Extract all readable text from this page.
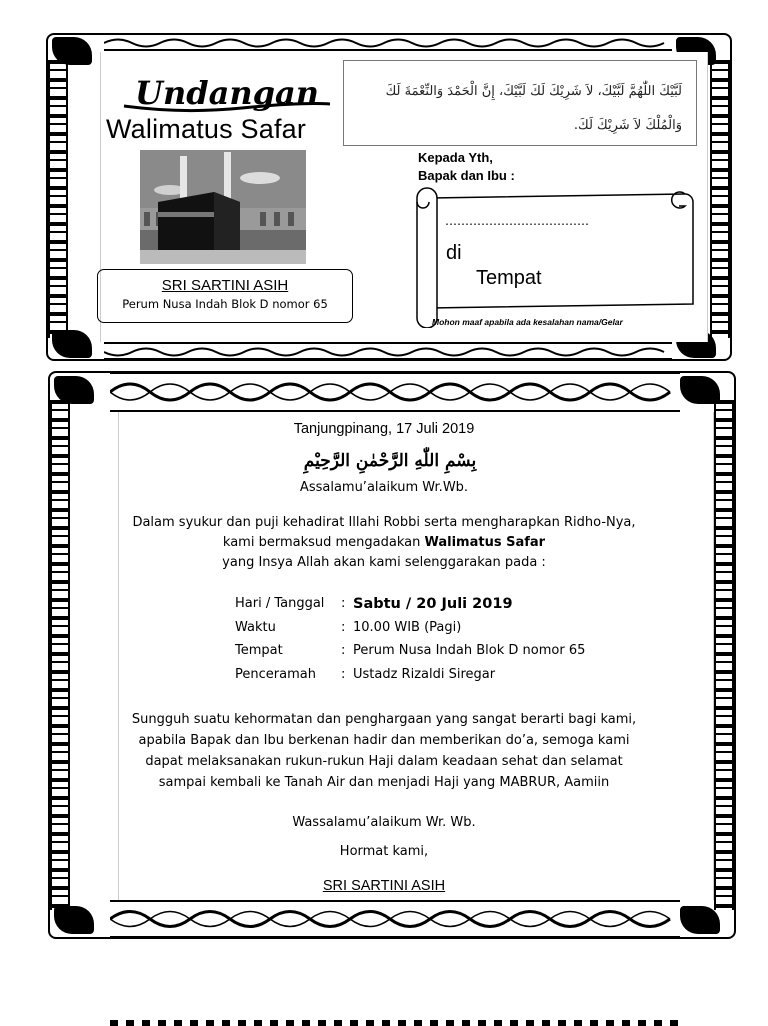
Undangan
Walimatus Safar
SRI SARTINI ASIH
Perum Nusa Indah Blok D nomor 65
لَبَّيْكَ اللّٰهُمَّ لَبَّيْكَ، لاَ شَرِيْكَ لَكَ لَبَّيْكَ، إِنَّ الْحَمْدَ وَالنِّعْمَةَ لَكَ وَالْمُلْكَ لاَ شَرِيْكَ لَكَ.
Kepada Yth,
Bapak dan Ibu :
………………………………
di
Tempat
Mohon maaf apabila ada kesalahan nama/Gelar
Tanjungpinang, 17 Juli 2019
بِسْمِ اللّٰهِ الرَّحْمٰنِ الرَّحِيْمِ
Assalamu’alaikum Wr.Wb.
Dalam syukur dan puji kehadirat Illahi Robbi serta mengharapkan Ridho-Nya,
kami bermaksud mengadakan Walimatus Safar
yang Insya Allah akan kami selenggarakan pada :
Hari / Tanggal	: Sabtu / 20 Juli 2019
Waktu	: 10.00 WIB (Pagi)
Tempat	: Perum Nusa Indah Blok D nomor 65
Penceramah	: Ustadz Rizaldi Siregar
Sungguh suatu kehormatan dan penghargaan yang sangat berarti bagi kami,
apabila Bapak dan Ibu berkenan hadir dan memberikan do’a, semoga kami
dapat melaksanakan rukun-rukun Haji dalam keadaan sehat dan selamat
sampai kembali ke Tanah Air dan menjadi Haji yang MABRUR, Aamiin
Wassalamu’alaikum Wr. Wb.
Hormat kami,
SRI SARTINI ASIH
